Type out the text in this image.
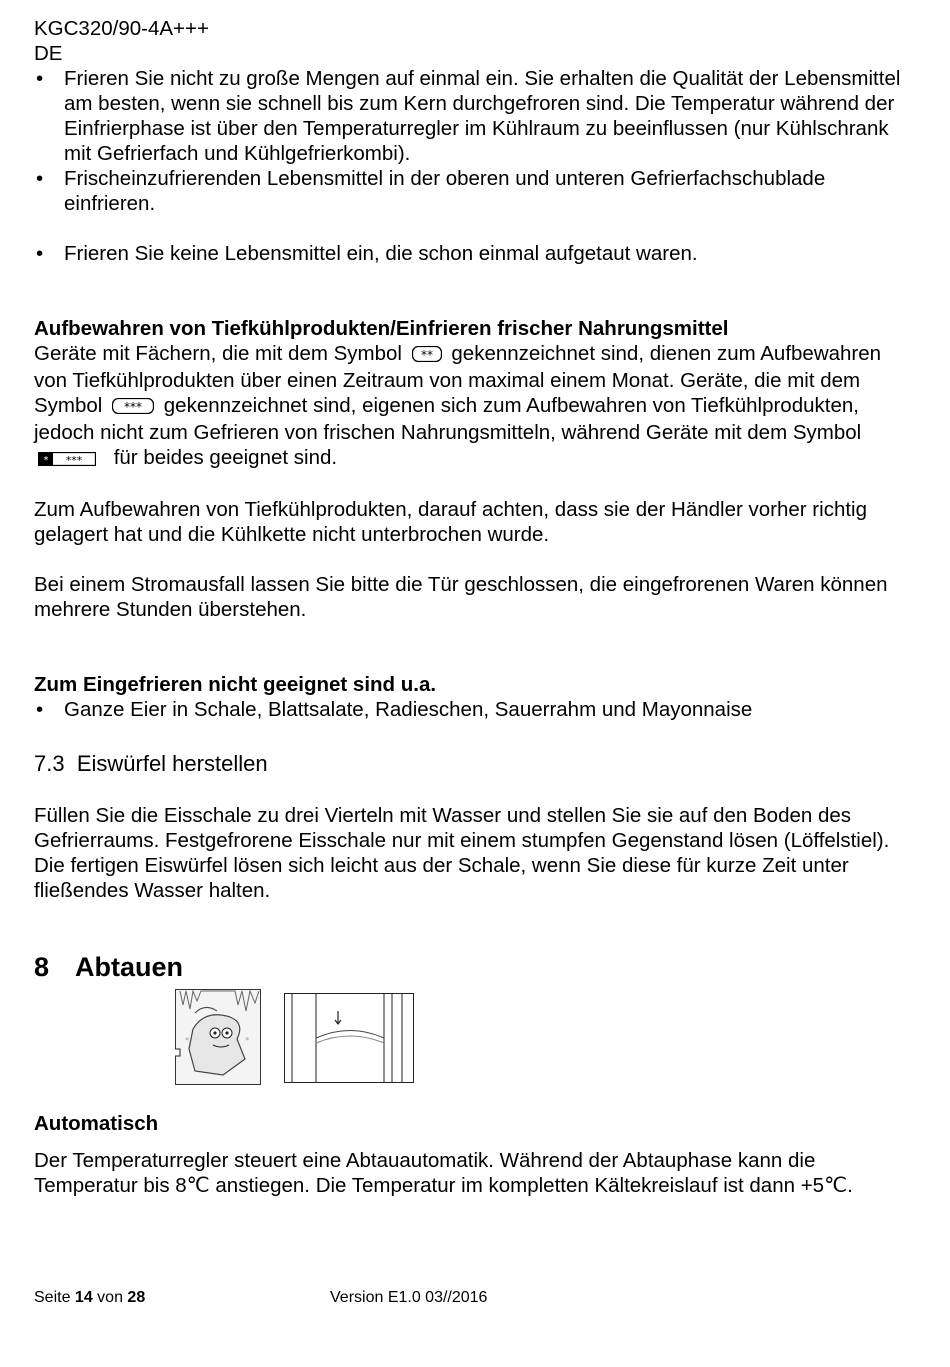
KGC320/90-4A+++
DE
• Frieren Sie nicht zu große Mengen auf einmal ein. Sie erhalten die Qualität der Lebensmittel am besten, wenn sie schnell bis zum Kern durchgefroren sind. Die Temperatur während der Einfrierphase ist über den Temperaturregler im Kühlraum zu beeinflussen (nur Kühlschrank mit Gefrierfach und Kühlgefrierkombi).
• Frischeinzufrierenden Lebensmittel in der oberen und unteren Gefrierfachschublade einfrieren.
• Frieren Sie keine Lebensmittel ein, die schon einmal aufgetaut waren.
Aufbewahren von Tiefkühlprodukten/Einfrieren frischer Nahrungsmittel

Geräte mit Fächern, die mit dem Symbol ** gekennzeichnet sind, dienen zum Aufbewahren von Tiefkühlprodukten über einen Zeitraum von maximal einem Monat. Geräte, die mit dem Symbol *** gekennzeichnet sind, eigenen sich zum Aufbewahren von Tiefkühlprodukten, jedoch nicht zum Gefrieren von frischen Nahrungsmitteln, während Geräte mit dem Symbol
* *** für beides geeignet sind.

Zum Aufbewahren von Tiefkühlprodukten, darauf achten, dass sie der Händler vorher richtig gelagert hat und die Kühlkette nicht unterbrochen wurde.

Bei einem Stromausfall lassen Sie bitte die Tür geschlossen, die eingefrorenen Waren können mehrere Stunden überstehen.

Zum Eingefrieren nicht geeignet sind u.a.
• Ganze Eier in Schale, Blattsalate, Radieschen, Sauerrahm und Mayonnaise
7.3 Eiswürfel herstellen

Füllen Sie die Eisschale zu drei Vierteln mit Wasser und stellen Sie sie auf den Boden des Gefrierraums. Festgefrorene Eisschale nur mit einem stumpfen Gegenstand lösen (Löffelstiel). Die fertigen Eiswürfel lösen sich leicht aus der Schale, wenn Sie diese für kurze Zeit unter fließendes Wasser halten.

8 Abtauen
«	»
Automatisch

Der Temperaturregler steuert eine Abtauautomatik. Während der Abtauphase kann die Temperatur bis 8℃ anstiegen. Die Temperatur im kompletten Kältekreislauf ist dann +5℃.

Seite 14 von 28	Version E1.0 03//2016
